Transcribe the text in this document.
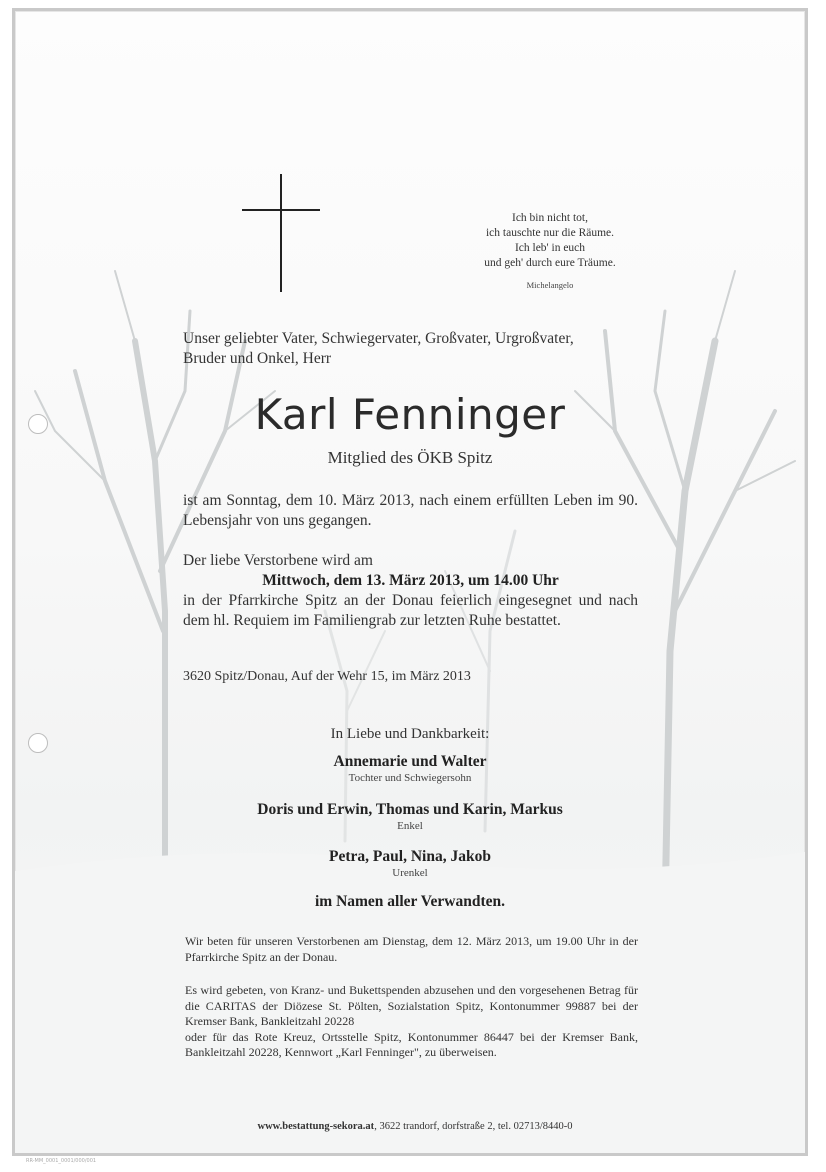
Ich bin nicht tot,
ich tauschte nur die Räume.
Ich leb' in euch
und geh' durch eure Träume.
Michelangelo
Unser geliebter Vater, Schwiegervater, Großvater, Urgroßvater,
Bruder und Onkel, Herr
Karl Fenninger
Mitglied des ÖKB Spitz
ist am Sonntag, dem 10. März 2013, nach einem erfüllten Leben im 90. Lebensjahr von uns gegangen.
Der liebe Verstorbene wird am
Mittwoch, dem 13. März 2013, um 14.00 Uhr
in der Pfarrkirche Spitz an der Donau feierlich eingesegnet und nach dem hl. Requiem im Familiengrab zur letzten Ruhe bestattet.
3620 Spitz/Donau, Auf der Wehr 15, im März 2013
In Liebe und Dankbarkeit:
Annemarie und Walter
Tochter und Schwiegersohn
Doris und Erwin, Thomas und Karin, Markus
Enkel
Petra, Paul, Nina, Jakob
Urenkel
im Namen aller Verwandten.
Wir beten für unseren Verstorbenen am Dienstag, dem 12. März 2013, um 19.00 Uhr in der Pfarrkirche Spitz an der Donau.
Es wird gebeten, von Kranz- und Bukettspenden abzusehen und den vorgesehenen Betrag für die CARITAS der Diözese St. Pölten, Sozialstation Spitz, Kontonummer 99887 bei der Kremser Bank, Bankleitzahl 20228
oder für das Rote Kreuz, Ortsstelle Spitz, Kontonummer 86447 bei der Kremser Bank, Bankleitzahl 20228, Kennwort „Karl Fenninger", zu überweisen.
www.bestattung-sekora.at, 3622 trandorf, dorfstraße 2, tel. 02713/8440-0
RR-MM_0001_0001/000/001
